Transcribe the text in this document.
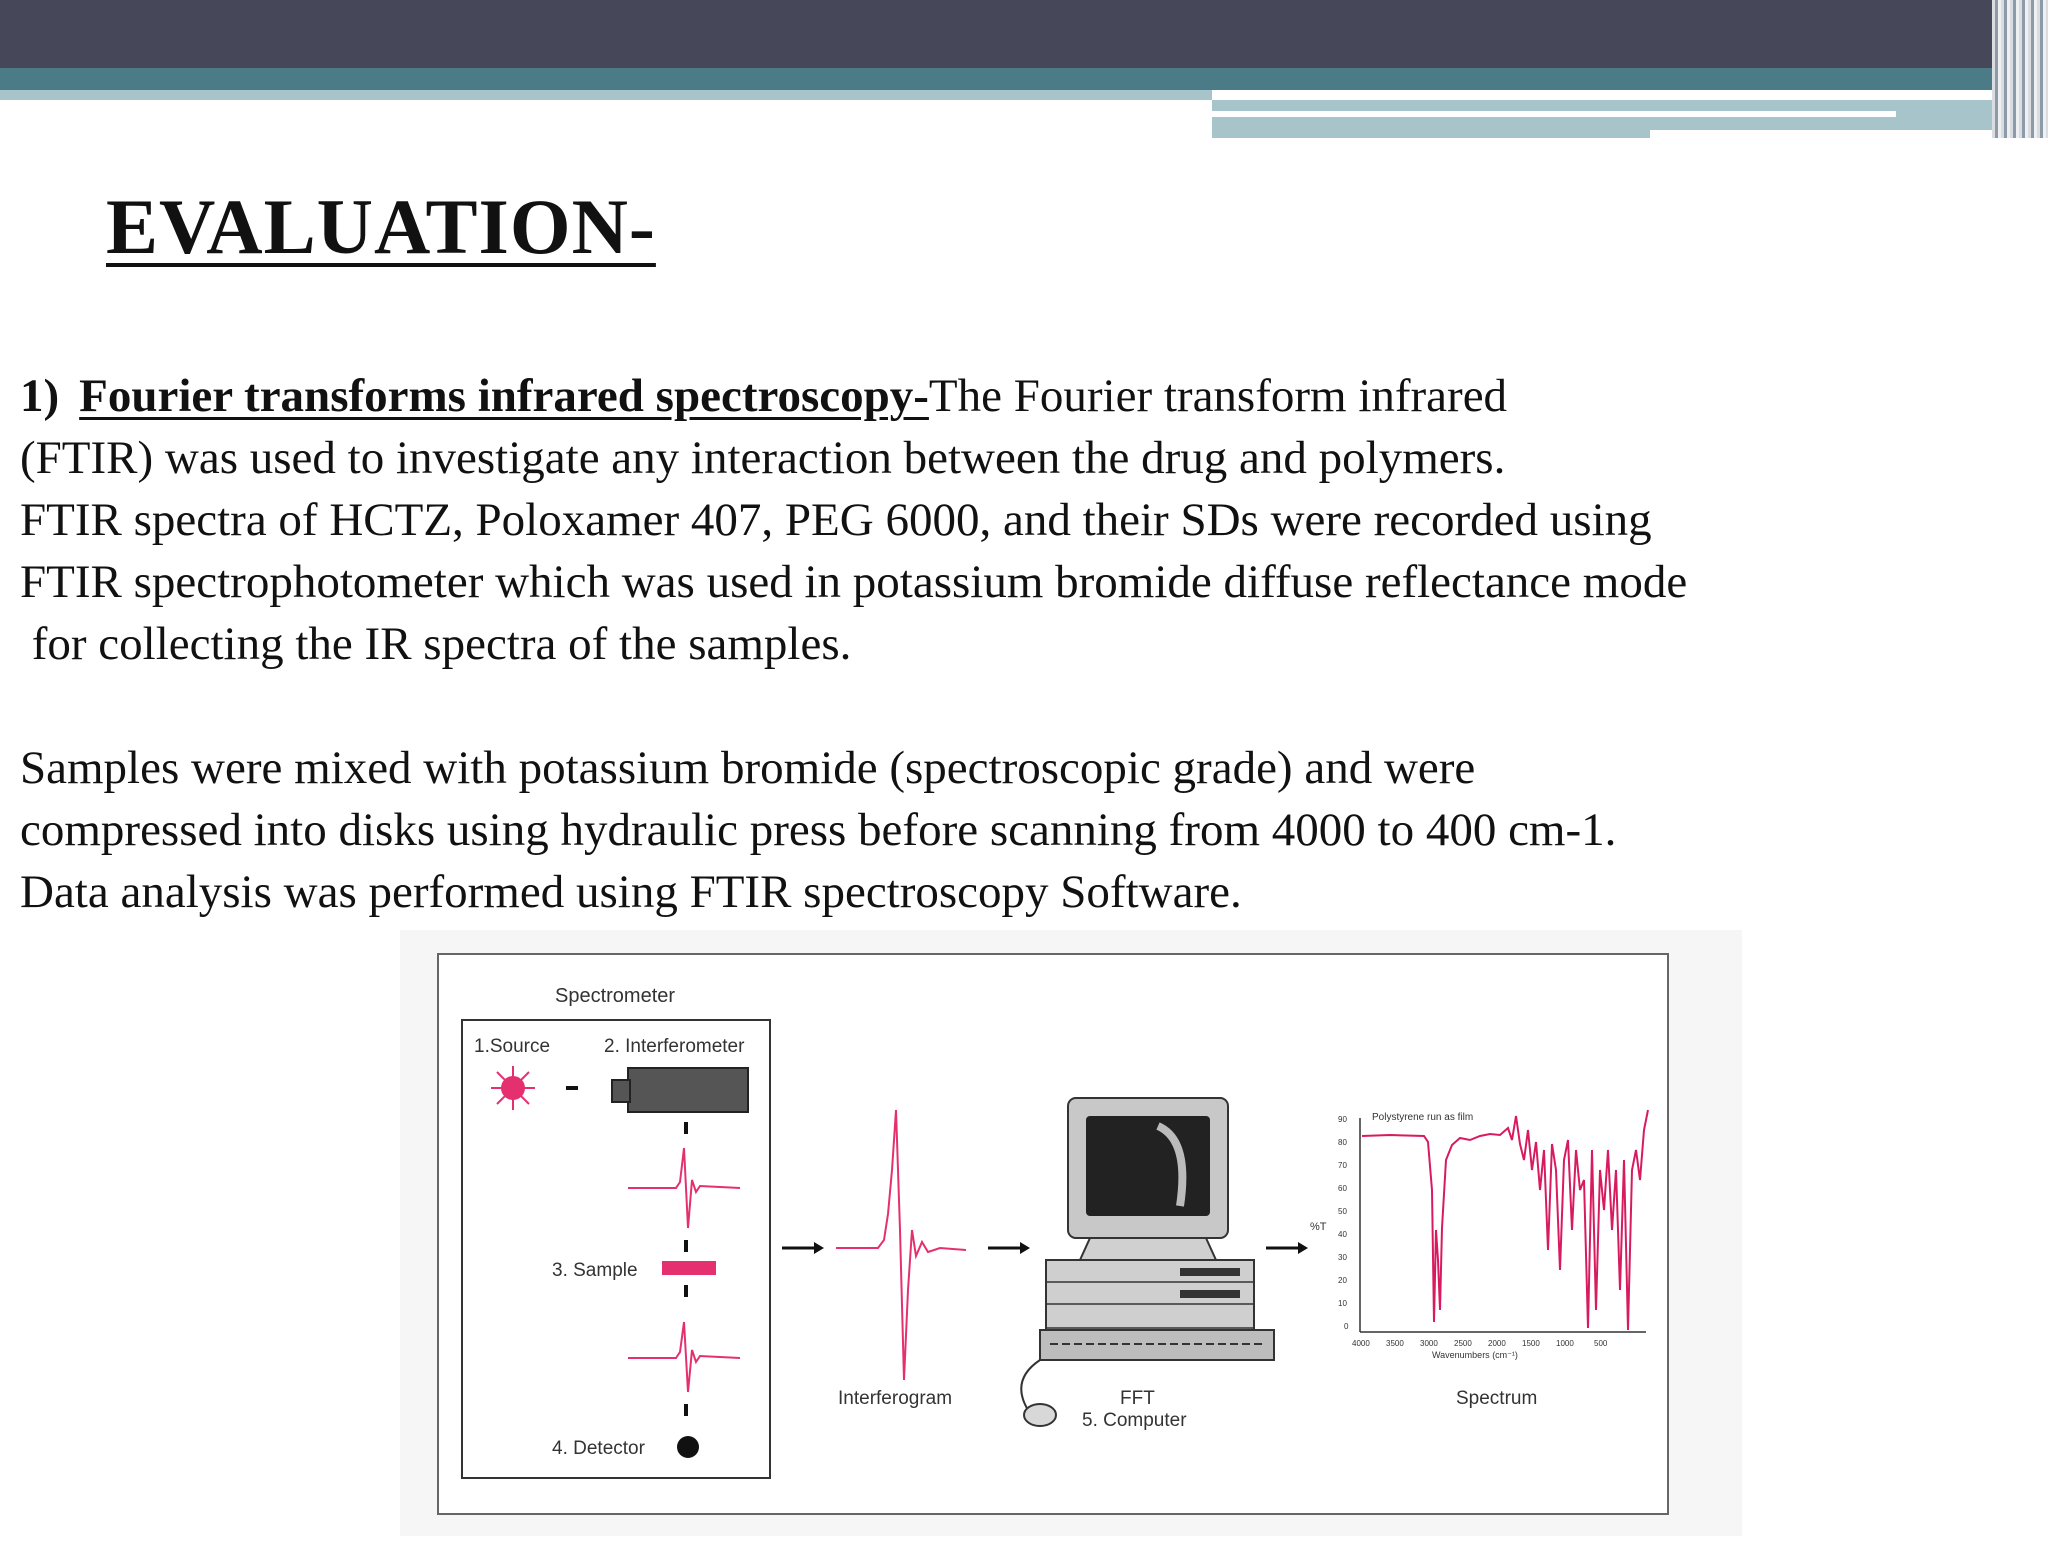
EVALUATION-

1) Fourier transforms infrared spectroscopy-The Fourier transform infrared

(FTIR) was used to investigate any interaction between the drug and polymers.

FTIR spectra of HCTZ, Poloxamer 407, PEG 6000, and their SDs were recorded using

FTIR spectrophotometer which was used in potassium bromide diffuse reflectance mode

for collecting the IR spectra of the samples.

Samples were mixed with potassium bromide (spectroscopic grade) and were

compressed into disks using hydraulic press before scanning from 4000 to 400 cm-1.

Data analysis was performed using FTIR spectroscopy Software.

Spectrometer
1.Source	2. Interferometer
3. Sample
4. Detector
Interferogram	FFT
5. Computer
Polystyrene run as film
%T
90
80
70
60
50
40
30
20
10
0
4000 3500 3000 2500 2000 1500 1000	500
Wavenumbers (cm⁻¹)
Spectrum
